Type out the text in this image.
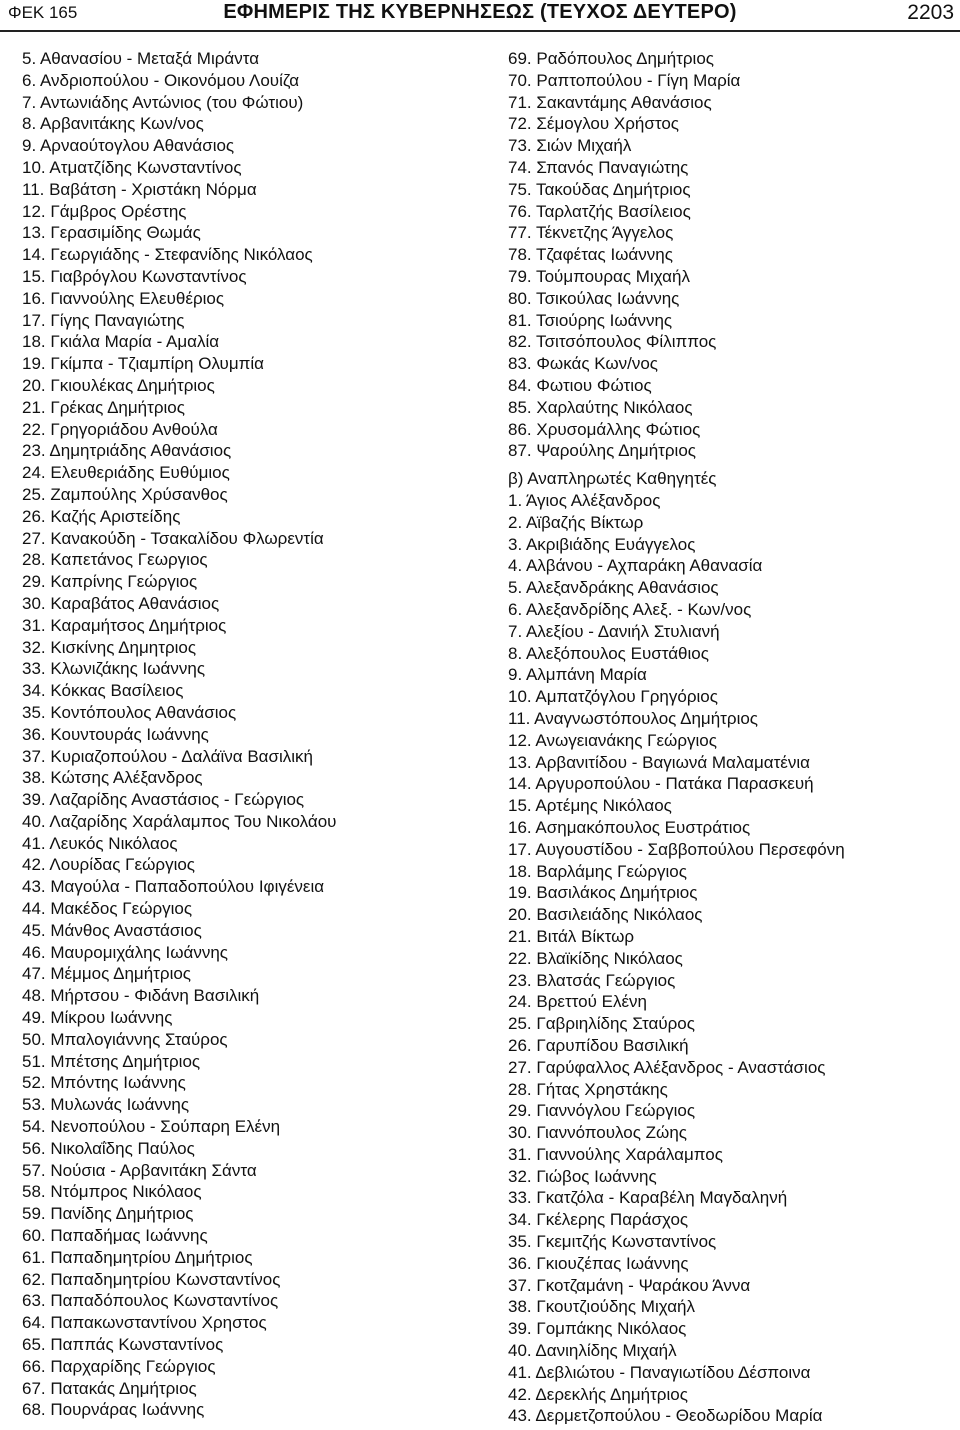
ΦΕΚ 165	ΕΦΗΜΕΡΙΣ ΤΗΣ ΚΥΒΕΡΝΗΣΕΩΣ (ΤΕΥΧΟΣ ΔΕΥΤΕΡΟ)	2203
5. Αθανασίου - Μεταξά Μιράντα
6. Ανδριοπούλου - Οικονόμου Λουίζα
7. Αντωνιάδης Αντώνιος (του Φώτιου)
8. Αρβανιτάκης Κων/νος
9. Αρναούτογλου Αθανάσιος
10. Ατματζίδης Κωνσταντίνος
11. Βαβάτση - Χριστάκη Νόρμα
12. Γάμβρος Ορέστης
13. Γερασιμίδης Θωμάς
14. Γεωργιάδης - Στεφανίδης Νικόλαος
15. Γιαβρόγλου Κωνσταντίνος
16. Γιαννούλης Ελευθέριος
17. Γίγης Παναγιώτης
18. Γκιάλα Μαρία - Αμαλία
19. Γκίμπα - Τζιαμπίρη Ολυμπία
20. Γκιουλέκας Δημήτριος
21. Γρέκας Δημήτριος
22. Γρηγοριάδου Ανθούλα
23. Δημητριάδης Αθανάσιος
24. Ελευθεριάδης Ευθύμιος
25. Ζαμπούλης Χρύσανθος
26. Καζής Αριστείδης
27. Κανακούδη - Τσακαλίδου Φλωρεντία
28. Καπετάνος Γεωργιος
29. Καπρίνης Γεώργιος
30. Καραβάτος Αθανάσιος
31. Καραμήτσος Δημήτριος
32. Κισκίνης Δημητριος
33. Κλωνιζάκης Ιωάννης
34. Κόκκας Βασίλειος
35. Κοντόπουλος Αθανάσιος
36. Κουντουράς Ιωάννης
37. Κυριαζοπούλου - Δαλάϊνα Βασιλική
38. Κώτσης Αλέξανδρος
39. Λαζαρίδης Αναστάσιος - Γεώργιος
40. Λαζαρίδης Χαράλαμπος Του Νικολάου
41. Λευκός Νικόλαος
42. Λουρίδας Γεώργιος
43. Μαγούλα - Παπαδοπούλου Ιφιγένεια
44. Μακέδος Γεώργιος
45. Μάνθος Αναστάσιος
46. Μαυρομιχάλης Ιωάννης
47. Μέμμος Δημήτριος
48. Μήρτσου - Φιδάνη Βασιλική
49. Μίκρου Ιωάννης
50. Μπαλογιάννης Σταύρος
51. Μπέτσης Δημήτριος
52. Μπόντης Ιωάννης
53. Μυλωνάς Ιωάννης
54. Νενοπούλου - Σούπαρη Ελένη
56. Νικολαΐδης Παύλος
57. Νούσια - Αρβανιτάκη Σάντα
58. Ντόμπρος Νικόλαος
59. Πανίδης Δημήτριος
60. Παπαδήμας Ιωάννης
61. Παπαδημητρίου Δημήτριος
62. Παπαδημητρίου Κωνσταντίνος
63. Παπαδόπουλος Κωνσταντίνος
64. Παπακωνσταντίνου Χρηστος
65. Παππάς Κωνσταντίνος
66. Παρχαρίδης Γεώργιος
67. Πατακάς Δημήτριος
68. Πουρνάρας Ιωάννης
69. Ραδόπουλος Δημήτριος
70. Ραπτοπούλου - Γίγη Μαρία
71. Σακαντάμης Αθανάσιος
72. Σέμογλου Χρήστος
73. Σιών Μιχαήλ
74. Σπανός Παναγιώτης
75. Τακούδας Δημήτριος
76. Ταρλατζής Βασίλειος
77. Τέκνετζης Άγγελος
78. Τζαφέτας Ιωάννης
79. Τούμπουρας Μιχαήλ
80. Τσικούλας Ιωάννης
81. Τσιούρης Ιωάννης
82. Τσιτσόπουλος Φίλιππος
83. Φωκάς Κων/νος
84. Φωτιου Φώτιος
85. Χαρλαύτης Νικόλαος
86. Χρυσομάλλης Φώτιος
87. Ψαρούλης Δημήτριος
β) Αναπληρωτές Καθηγητές
1. Άγιος Αλέξανδρος
2. Αϊβαζής Βίκτωρ
3. Ακριβιάδης Ευάγγελος
4. Αλβάνου - Αχπαράκη Αθανασία
5. Αλεξανδράκης Αθανάσιος
6. Αλεξανδρίδης Αλεξ. - Κων/νος
7. Αλεξίου - Δανιήλ Στυλιανή
8. Αλεξόπουλος Ευστάθιος
9. Αλμπάνη Μαρία
10. Αμπατζόγλου Γρηγόριος
11. Αναγνωστόπουλος Δημήτριος
12. Ανωγειανάκης Γεώργιος
13. Αρβανιτίδου - Βαγιωνά Μαλαματένια
14. Αργυροπούλου - Πατάκα Παρασκευή
15. Αρτέμης Νικόλαος
16. Ασημακόπουλος Ευστράτιος
17. Αυγουστίδου - Σαββοπούλου Περσεφόνη
18. Βαρλάμης Γεώργιος
19. Βασιλάκος Δημήτριος
20. Βασιλειάδης Νικόλαος
21. Βιτάλ Βίκτωρ
22. Βλαϊκίδης Νικόλαος
23. Βλατσάς Γεώργιος
24. Βρεττού Ελένη
25. Γαβριηλίδης Σταύρος
26. Γαρυπίδου Βασιλική
27. Γαρύφαλλος Αλέξανδρος - Αναστάσιος
28. Γήτας Χρηστάκης
29. Γιαννόγλου Γεώργιος
30. Γιαννόπουλος Ζώης
31. Γιαννούλης Χαράλαμπος
32. Γιώβος Ιωάννης
33. Γκατζόλα - Καραβέλη Μαγδαληνή
34. Γκέλερης Παράσχος
35. Γκεμιτζής Κωνσταντίνος
36. Γκιουζέπας Ιωάννης
37. Γκοτζαμάνη - Ψαράκου Άννα
38. Γκουτζιούδης Μιχαήλ
39. Γομπάκης Νικόλαος
40. Δανιηλίδης Μιχαήλ
41. Δεβλιώτου - Παναγιωτίδου Δέσποινα
42. Δερεκλής Δημήτριος
43. Δερμετζοπούλου - Θεοδωρίδου Μαρία
